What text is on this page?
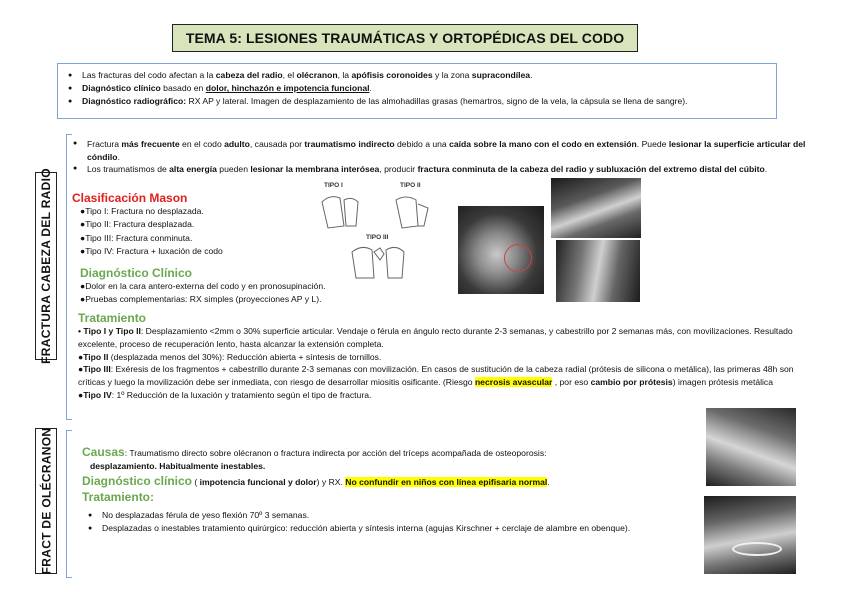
TEMA 5: LESIONES TRAUMÁTICAS Y ORTOPÉDICAS DEL CODO
● Las fracturas del codo afectan a la cabeza del radio, el olécranon, la apófisis coronoides y la zona supracondílea.
● Diagnóstico clínico basado en dolor, hinchazón e impotencia funcional.
● Diagnóstico radiográfico: RX AP y lateral. Imagen de desplazamiento de las almohadillas grasas (hemartros, signo de la vela, la cápsula se llena de sangre).
FRACTURA CABEZA DEL RADIO
FRACT DE OLÉCRANON
● Fractura más frecuente en el codo adulto, causada por traumatismo indirecto debido a una caída sobre la mano con el codo en extensión. Puede lesionar la superficie articular del cóndilo.
● Los traumatismos de alta energía pueden lesionar la membrana interósea, producir fractura conminuta de la cabeza del radio y subluxación del extremo distal del cúbito.
Clasificación Mason
●Tipo I: Fractura no desplazada.
●Tipo II: Fractura desplazada.
●Tipo III: Fractura conminuta.
●Tipo IV: Fractura + luxación de codo
TIPO I	TIPO II
TIPO III
Diagnóstico Clínico
●Dolor en la cara antero-externa del codo y en pronosupinación.
●Pruebas complementarias: RX simples (proyecciones AP y L).
Tratamiento
• Tipo I y Tipo II: Desplazamiento <2mm o 30% superficie articular. Vendaje o férula en ángulo recto durante 2-3 semanas, y cabestrillo por 2 semanas más, con movilizaciones. Resultado excelente, proceso de recuperación lento, hasta alcanzar la extensión completa.
●Tipo II (desplazada menos del 30%): Reducción abierta + síntesis de tornillos.
●Tipo III: Exéresis de los fragmentos + cabestrillo durante 2-3 semanas con movilización. En casos de sustitución de la cabeza radial (prótesis de silicona o metálica), las primeras 48h son críticas y luego la movilización debe ser inmediata, con riesgo de desarrollar miositis osificante. (Riesgo necrosis avascular , por eso cambio por prótesis) imagen prótesis metálica
●Tipo IV: 1º Reducción de la luxación y tratamiento según el tipo de fractura.
Causas: Traumatismo directo sobre olécranon o fractura indirecta por acción del tríceps acompañada de osteoporosis:
desplazamiento. Habitualmente inestables.
Diagnóstico clínico ( impotencia funcional y dolor) y RX. No confundir en niños con línea epifisaria normal.
Tratamiento:
● No desplazadas férula de yeso flexión 70º 3 semanas.
● Desplazadas o inestables tratamiento quirúrgico: reducción abierta y síntesis interna (agujas Kirschner + cerclaje de alambre en obenque).
